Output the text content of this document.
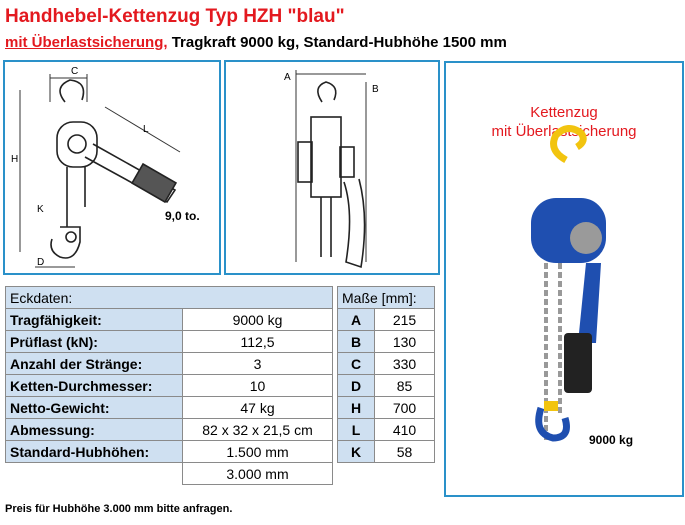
Handhebel-Kettenzug Typ HZH "blau"
mit Überlastsicherung, Tragkraft 9000 kg, Standard-Hubhöhe 1500 mm
C
L
H
K
D
9,0 to.
A
B
Kettenzug
mit Überlastsicherung
9000 kg
Eckdaten:	
Tragfähigkeit:	9000 kg
Prüflast (kN):	112,5
Anzahl der Stränge:	3
Ketten-Durchmesser:	10
Netto-Gewicht:	47 kg
Abmessung:	82 x 32 x 21,5 cm
Standard-Hubhöhen:	1.500 mm
	3.000 mm
Maße [mm]:	
A	215
B	130
C	330
D	85
H	700
L	410
K	58
Preis für Hubhöhe 3.000 mm bitte anfragen.
